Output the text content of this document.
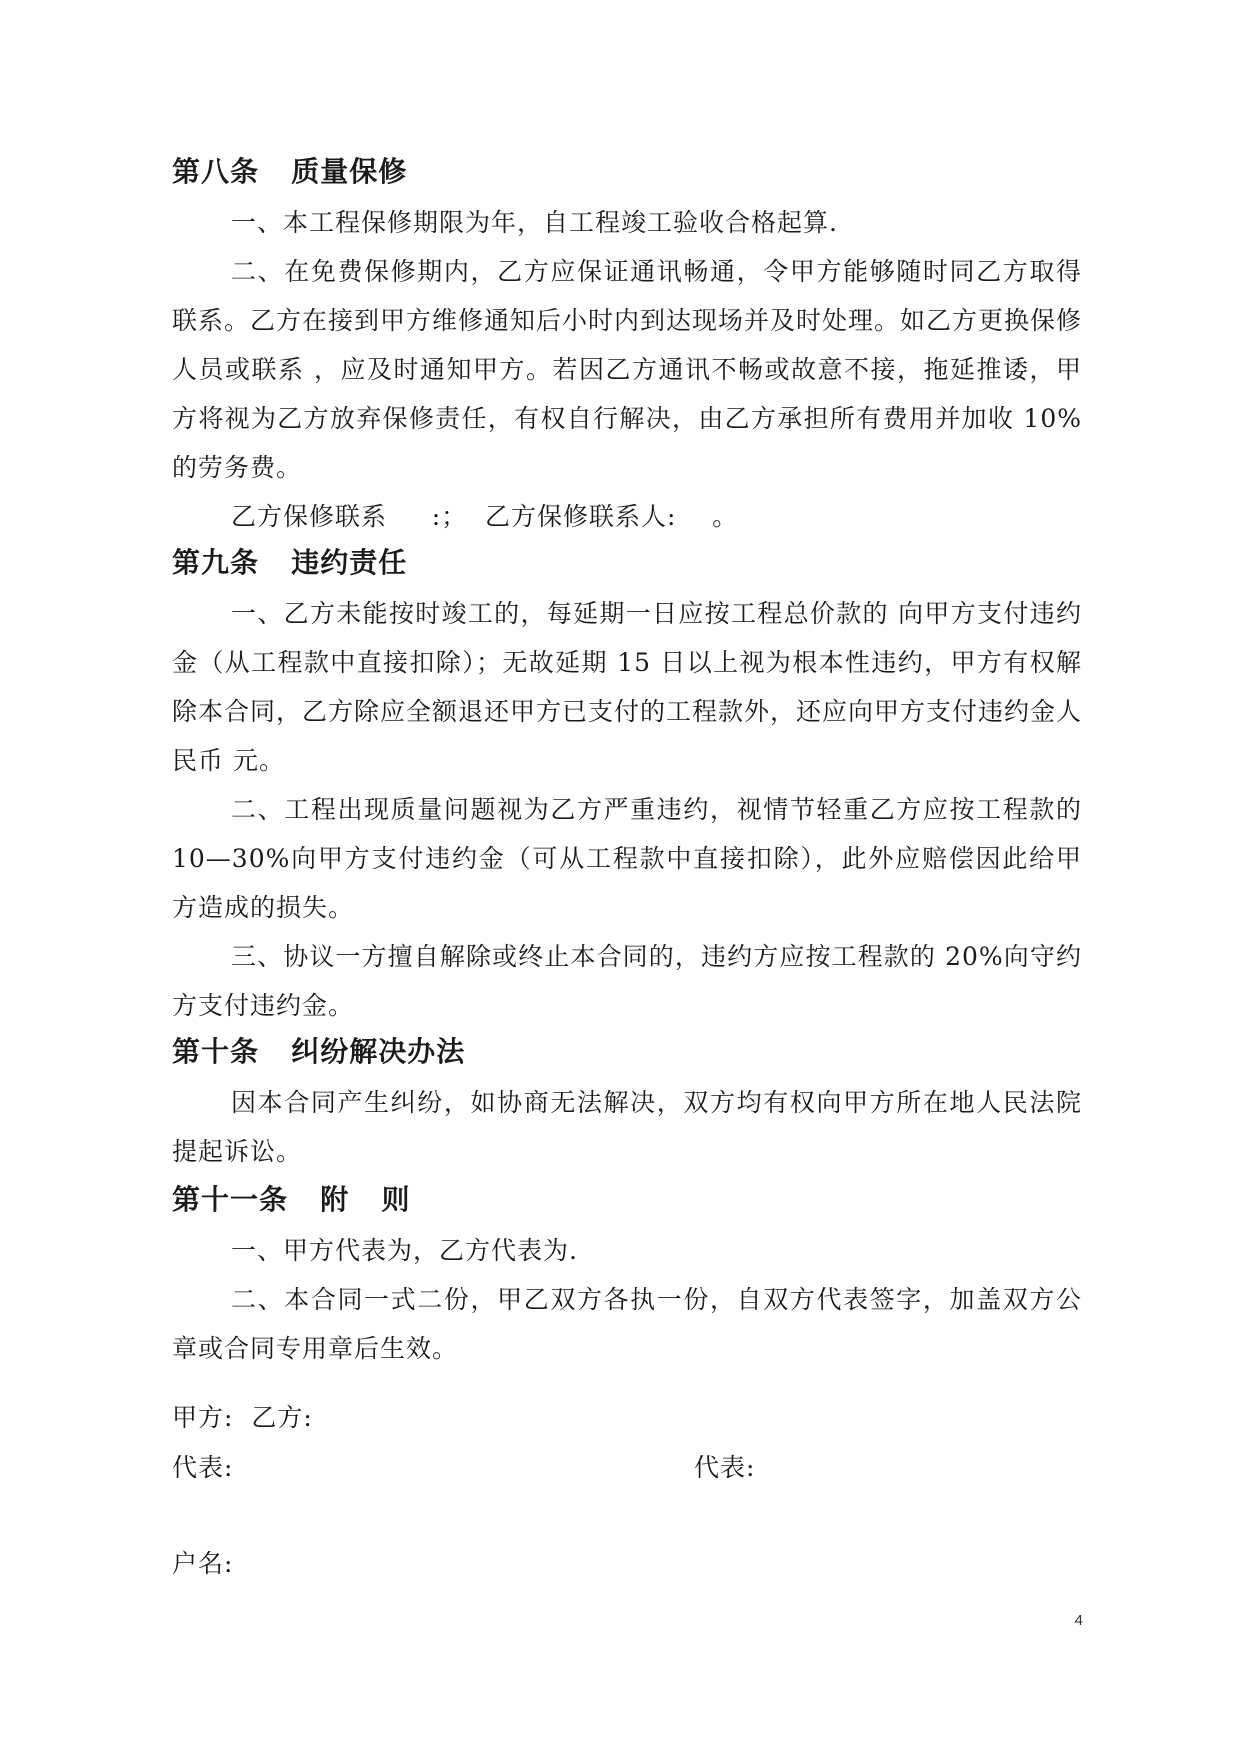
第八条   质量保修

一、本工程保修期限为年，自工程竣工验收合格起算.

二、在免费保修期内，乙方应保证通讯畅通，令甲方能够随时同乙方取得联系。乙方在接到甲方维修通知后小时内到达现场并及时处理。如乙方更换保修人员或联系 ，应及时通知甲方。若因乙方通讯不畅或故意不接，拖延推诿，甲方将视为乙方放弃保修责任，有权自行解决，由乙方承担所有费用并加收 10%的劳务费。

乙方保修联系     :；  乙方保修联系人:    。

第九条   违约责任

一、乙方未能按时竣工的，每延期一日应按工程总价款的 向甲方支付违约金（从工程款中直接扣除）；无故延期 15 日以上视为根本性违约，甲方有权解除本合同，乙方除应全额退还甲方已支付的工程款外，还应向甲方支付违约金人民币 元。

二、工程出现质量问题视为乙方严重违约，视情节轻重乙方应按工程款的 10—30%向甲方支付违约金（可从工程款中直接扣除），此外应赔偿因此给甲方造成的损失。

三、协议一方擅自解除或终止本合同的，违约方应按工程款的 20%向守约方支付违约金。

第十条   纠纷解决办法

因本合同产生纠纷，如协商无法解决，双方均有权向甲方所在地人民法院提起诉讼。

第十一条   附   则

一、甲方代表为，乙方代表为.

二、本合同一式二份，甲乙双方各执一份，自双方代表签字，加盖双方公章或合同专用章后生效。

甲方:  乙方:
代表:	代表:
户名:
4
